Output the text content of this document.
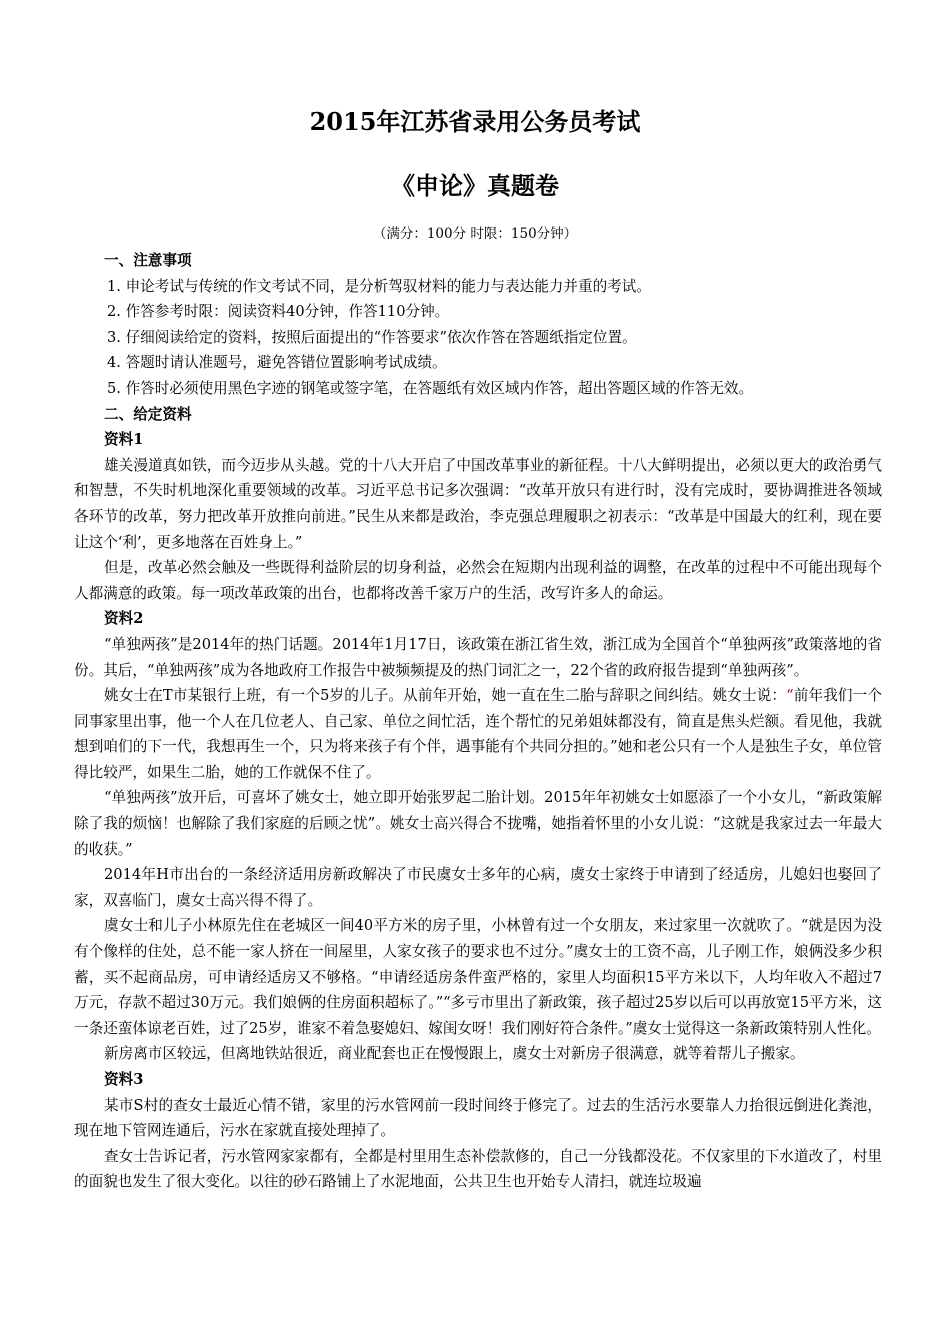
2015年江苏省录用公务员考试
《申论》真题卷
（满分：100分 时限：150分钟）

一、注意事项

1. 申论考试与传统的作文考试不同，是分析驾驭材料的能力与表达能力并重的考试。

2. 作答参考时限：阅读资料40分钟，作答110分钟。

3. 仔细阅读给定的资料，按照后面提出的“作答要求”依次作答在答题纸指定位置。

4. 答题时请认准题号，避免答错位置影响考试成绩。

5. 作答时必须使用黑色字迹的钢笔或签字笔，在答题纸有效区域内作答，超出答题区域的作答无效。

二、给定资料

资料1

雄关漫道真如铁，而今迈步从头越。党的十八大开启了中国改革事业的新征程。十八大鲜明提出，必须以更大的政治勇气和智慧，不失时机地深化重要领域的改革。习近平总书记多次强调：“改革开放只有进行时，没有完成时，要协调推进各领域各环节的改革，努力把改革开放推向前进。”民生从来都是政治，李克强总理履职之初表示：“改革是中国最大的红利，现在要让这个‘利’，更多地落在百姓身上。”

但是，改革必然会触及一些既得利益阶层的切身利益，必然会在短期内出现利益的调整，在改革的过程中不可能出现每个人都满意的政策。每一项改革政策的出台，也都将改善千家万户的生活，改写许多人的命运。

资料2

“单独两孩”是2014年的热门话题。2014年1月17日，该政策在浙江省生效，浙江成为全国首个“单独两孩”政策落地的省份。其后，“单独两孩”成为各地政府工作报告中被频频提及的热门词汇之一，22个省的政府报告提到“单独两孩”。

姚女士在T市某银行上班，有一个5岁的儿子。从前年开始，她一直在生二胎与辞职之间纠结。姚女士说：“前年我们一个同事家里出事，他一个人在几位老人、自己家、单位之间忙活，连个帮忙的兄弟姐妹都没有，简直是焦头烂额。看见他，我就想到咱们的下一代，我想再生一个，只为将来孩子有个伴，遇事能有个共同分担的。”她和老公只有一个人是独生子女，单位管得比较严，如果生二胎，她的工作就保不住了。

“单独两孩”放开后，可喜坏了姚女士，她立即开始张罗起二胎计划。2015年年初姚女士如愿添了一个小女儿，“新政策解除了我的烦恼！也解除了我们家庭的后顾之忧”。姚女士高兴得合不拢嘴，她指着怀里的小女儿说：“这就是我家过去一年最大的收获。”

2014年H市出台的一条经济适用房新政解决了市民虞女士多年的心病，虞女士家终于申请到了经适房，儿媳妇也娶回了家，双喜临门，虞女士高兴得不得了。

虞女士和儿子小林原先住在老城区一间40平方米的房子里，小林曾有过一个女朋友，来过家里一次就吹了。“就是因为没有个像样的住处，总不能一家人挤在一间屋里，人家女孩子的要求也不过分。”虞女士的工资不高，儿子刚工作，娘俩没多少积蓄，买不起商品房，可申请经适房又不够格。“申请经适房条件蛮严格的，家里人均面积15平方米以下，人均年收入不超过7万元，存款不超过30万元。我们娘俩的住房面积超标了。”“多亏市里出了新政策，孩子超过25岁以后可以再放宽15平方米，这一条还蛮体谅老百姓，过了25岁，谁家不着急娶媳妇、嫁闺女呀！我们刚好符合条件。”虞女士觉得这一条新政策特别人性化。

新房离市区较远，但离地铁站很近，商业配套也正在慢慢跟上，虞女士对新房子很满意，就等着帮儿子搬家。

资料3

某市S村的查女士最近心情不错，家里的污水管网前一段时间终于修完了。过去的生活污水要靠人力抬很远倒进化粪池，现在地下管网连通后，污水在家就直接处理掉了。

查女士告诉记者，污水管网家家都有，全都是村里用生态补偿款修的，自己一分钱都没花。不仅家里的下水道改了，村里的面貌也发生了很大变化。以往的砂石路铺上了水泥地面，公共卫生也开始专人清扫，就连垃圾遍
